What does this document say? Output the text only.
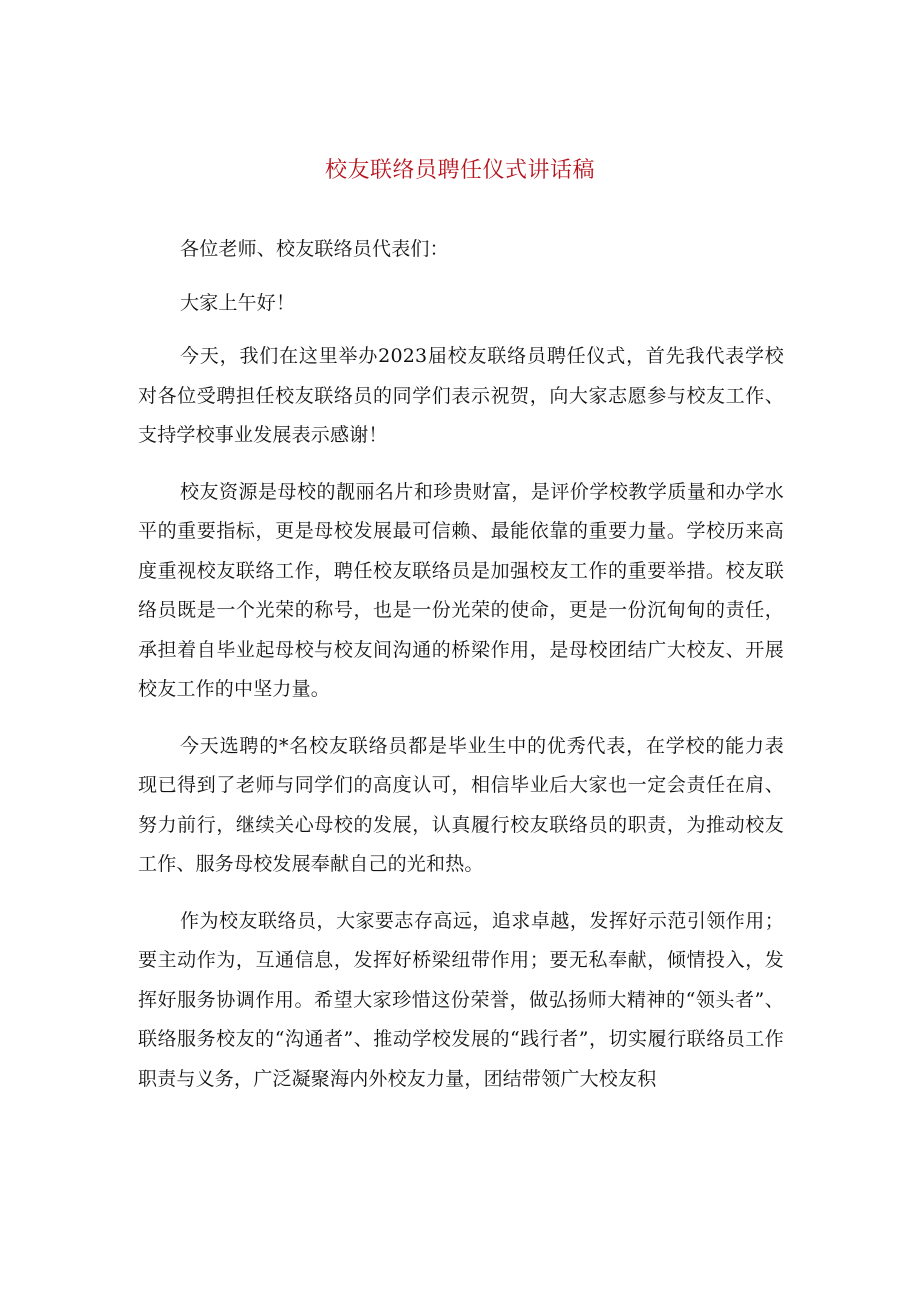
校友联络员聘任仪式讲话稿

各位老师、校友联络员代表们：

大家上午好！

今天，我们在这里举办2023届校友联络员聘任仪式，首先我代表学校对各位受聘担任校友联络员的同学们表示祝贺，向大家志愿参与校友工作、支持学校事业发展表示感谢！

校友资源是母校的靓丽名片和珍贵财富，是评价学校教学质量和办学水平的重要指标，更是母校发展最可信赖、最能依靠的重要力量。学校历来高度重视校友联络工作，聘任校友联络员是加强校友工作的重要举措。校友联络员既是一个光荣的称号，也是一份光荣的使命，更是一份沉甸甸的责任，承担着自毕业起母校与校友间沟通的桥梁作用，是母校团结广大校友、开展校友工作的中坚力量。

今天选聘的*名校友联络员都是毕业生中的优秀代表，在学校的能力表现已得到了老师与同学们的高度认可，相信毕业后大家也一定会责任在肩、努力前行，继续关心母校的发展，认真履行校友联络员的职责，为推动校友工作、服务母校发展奉献自己的光和热。

作为校友联络员，大家要志存高远，追求卓越，发挥好示范引领作用；要主动作为，互通信息，发挥好桥梁纽带作用；要无私奉献，倾情投入，发挥好服务协调作用。希望大家珍惜这份荣誉，做弘扬师大精神的“领头者”、联络服务校友的“沟通者”、推动学校发展的“践行者”，切实履行联络员工作职责与义务，广泛凝聚海内外校友力量，团结带领广大校友积
